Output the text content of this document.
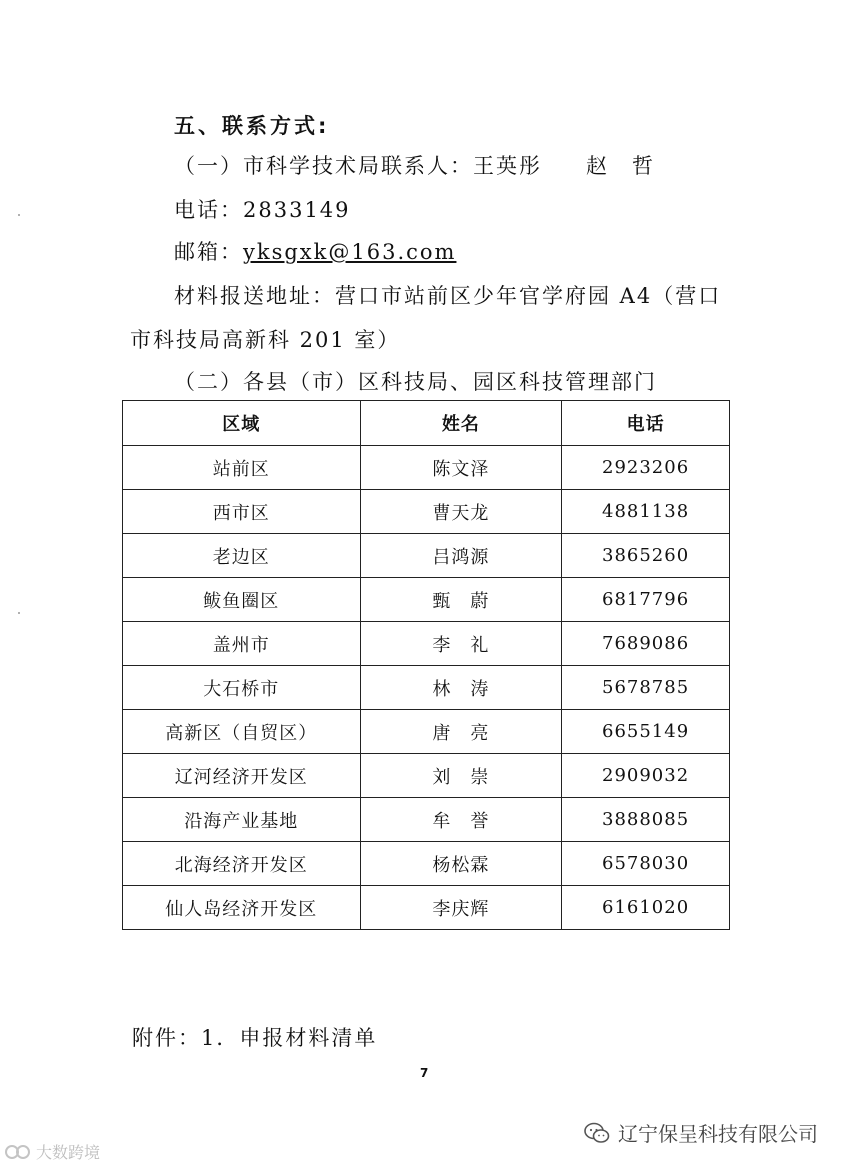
五、联系方式:
（一）市科学技术局联系人：王英彤 赵　哲
电话：2833149
邮箱：yksgxk@163.com
材料报送地址：营口市站前区少年官学府园 A4（营口
市科技局高新科 201 室）
（二）各县（市）区科技局、园区科技管理部门
区域	姓名	电话
站前区	陈文泽	2923206
西市区	曹天龙	4881138
老边区	吕鸿源	3865260
鲅鱼圈区	甄　蔚	6817796
盖州市	李　礼	7689086
大石桥市	林　涛	5678785
高新区（自贸区）	唐　亮	6655149
辽河经济开发区	刘　崇	2909032
沿海产业基地	牟　誉	3888085
北海经济开发区	杨松霖	6578030
仙人岛经济开发区	李庆辉	6161020
附件：1．申报材料清单
7
大数跨境
辽宁保呈科技有限公司
